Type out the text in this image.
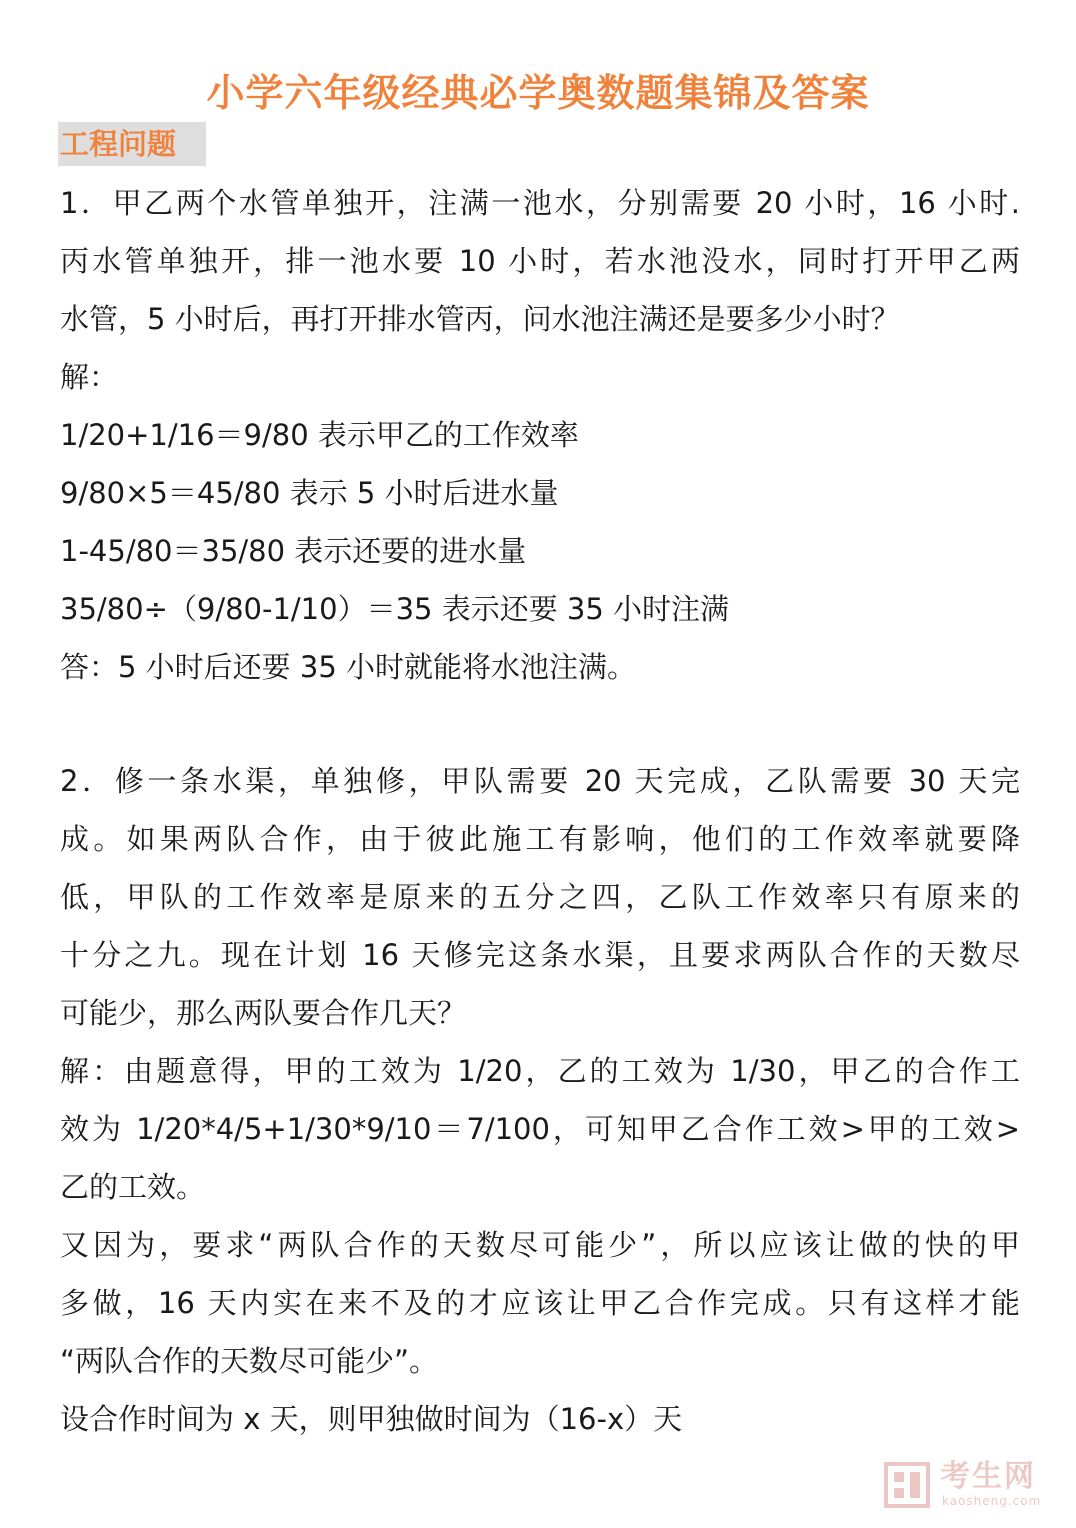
小学六年级经典必学奥数题集锦及答案
工程问题
1．甲乙两个水管单独开，注满一池水，分别需要 20 小时，16 小时.
丙水管单独开，排一池水要 10 小时，若水池没水，同时打开甲乙两
水管，5 小时后，再打开排水管丙，问水池注满还是要多少小时？
解：
1/20+1/16＝9/80 表示甲乙的工作效率
9/80×5＝45/80 表示 5 小时后进水量
1-45/80＝35/80 表示还要的进水量
35/80÷（9/80-1/10）＝35 表示还要 35 小时注满
答：5 小时后还要 35 小时就能将水池注满。
2．修一条水渠，单独修，甲队需要 20 天完成，乙队需要 30 天完
成。如果两队合作，由于彼此施工有影响，他们的工作效率就要降
低，甲队的工作效率是原来的五分之四，乙队工作效率只有原来的
十分之九。现在计划 16 天修完这条水渠，且要求两队合作的天数尽
可能少，那么两队要合作几天？
解：由题意得，甲的工效为 1/20，乙的工效为 1/30，甲乙的合作工
效为 1/20*4/5+1/30*9/10＝7/100，可知甲乙合作工效>甲的工效>
乙的工效。
又因为，要求“两队合作的天数尽可能少”，所以应该让做的快的甲
多做，16 天内实在来不及的才应该让甲乙合作完成。只有这样才能
“两队合作的天数尽可能少”。
设合作时间为 x 天，则甲独做时间为（16-x）天
考生网
kaosheng.com
